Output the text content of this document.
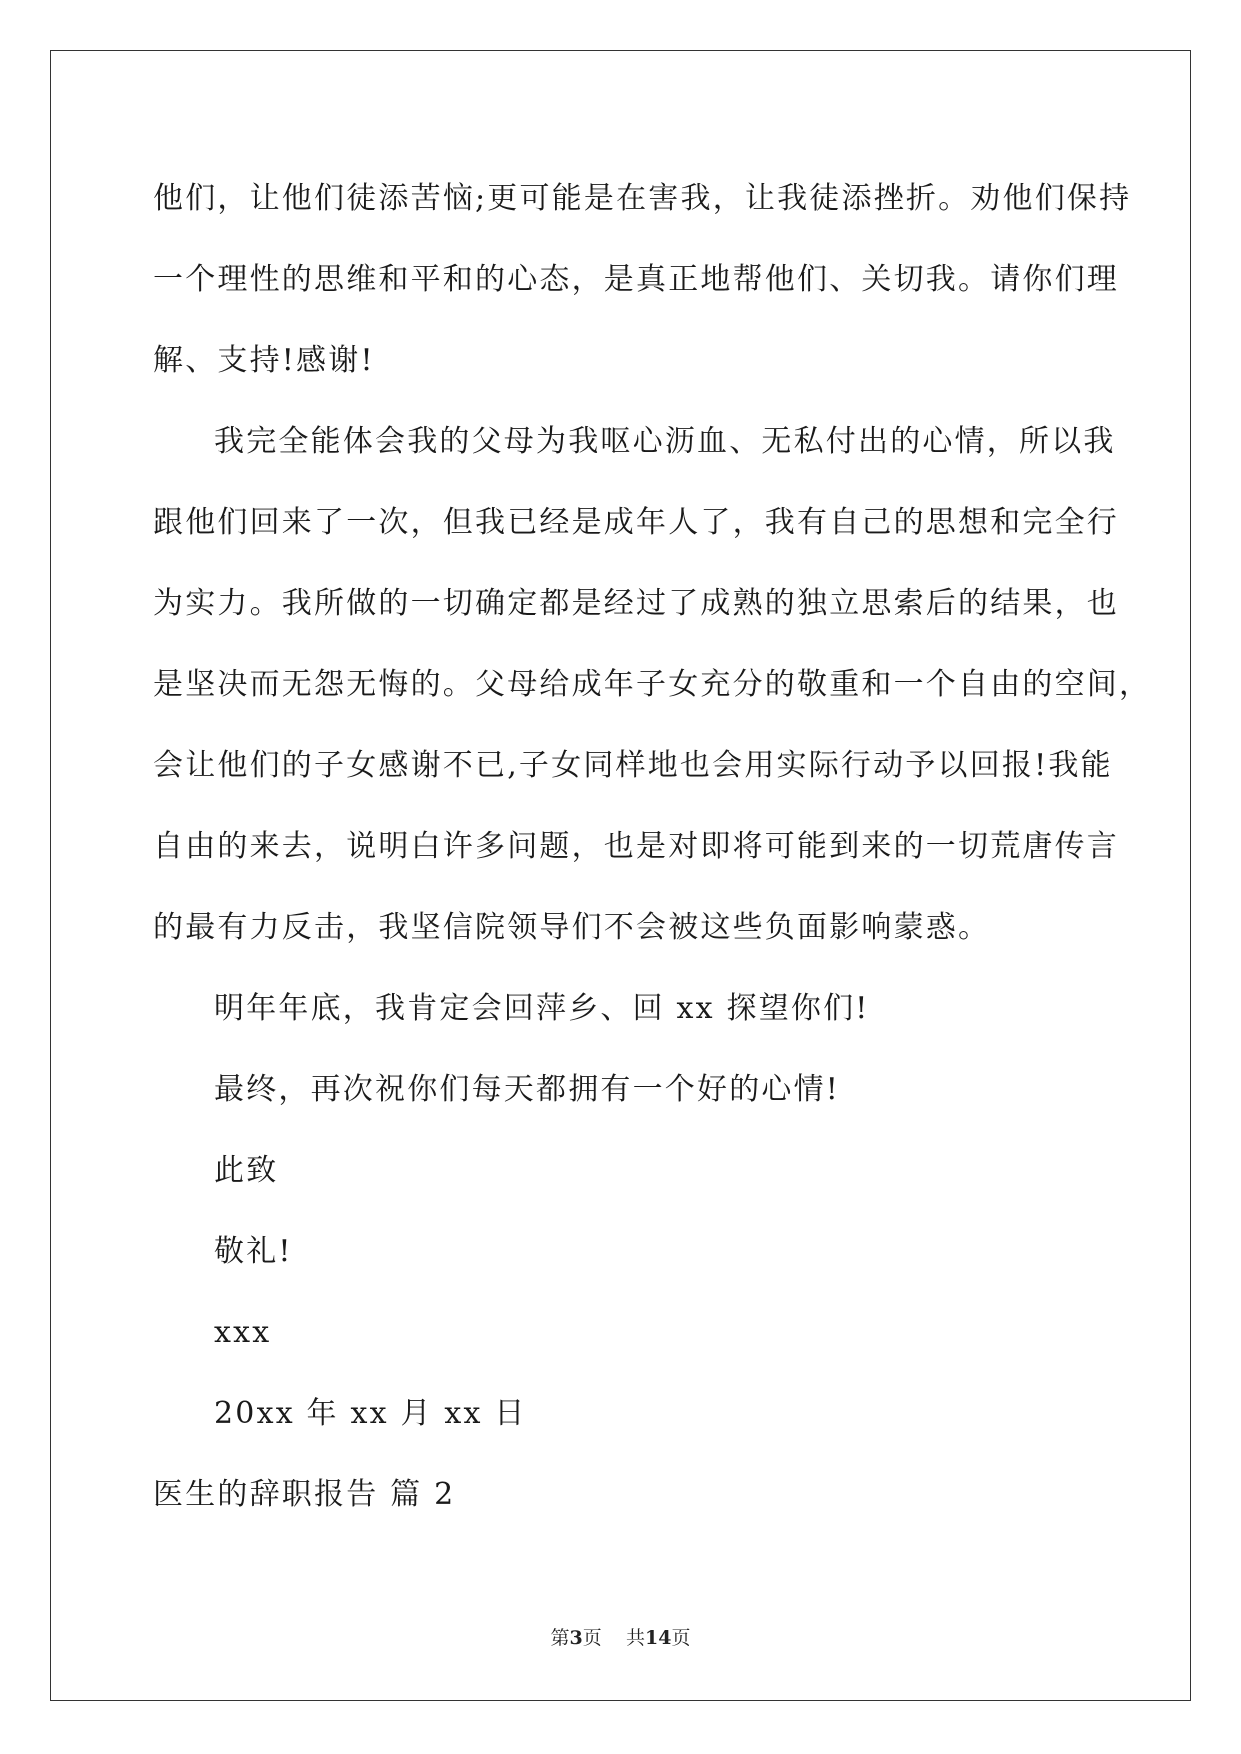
他们，让他们徒添苦恼;更可能是在害我，让我徒添挫折。劝他们保持

一个理性的思维和平和的心态，是真正地帮他们、关切我。请你们理

解、支持!感谢!

我完全能体会我的父母为我呕心沥血、无私付出的心情，所以我

跟他们回来了一次，但我已经是成年人了，我有自己的思想和完全行

为实力。我所做的一切确定都是经过了成熟的独立思索后的结果，也

是坚决而无怨无悔的。父母给成年子女充分的敬重和一个自由的空间，

会让他们的子女感谢不已,子女同样地也会用实际行动予以回报!我能

自由的来去，说明白许多问题，也是对即将可能到来的一切荒唐传言

的最有力反击，我坚信院领导们不会被这些负面影响蒙惑。

明年年底，我肯定会回萍乡、回 xx 探望你们!

最终，再次祝你们每天都拥有一个好的心情!

此致

敬礼!

xxx

20xx 年 xx 月 xx 日

医生的辞职报告 篇 2

第3页 共14页
